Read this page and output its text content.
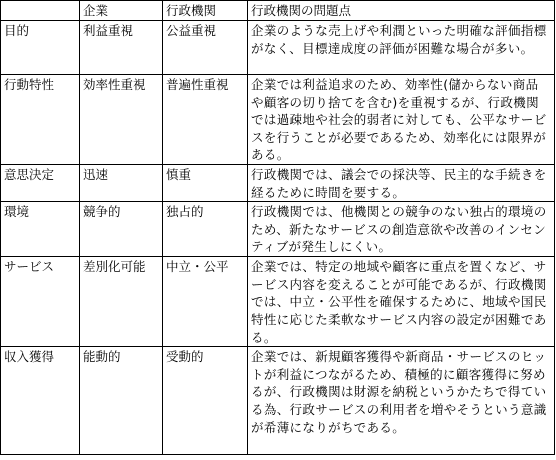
	企業	行政機関	行政機関の問題点
目的	利益重視	公益重視	企業のような売上げや利潤といった明確な評価指標がなく、目標達成度の評価が困難な場合が多い。
行動特性	効率性重視	普遍性重視	企業では利益追求のため、効率性(儲からない商品や顧客の切り捨てを含む)を重視するが、行政機関では過疎地や社会的弱者に対しても、公平なサービスを行うことが必要であるため、効率化には限界がある。
意思決定	迅速	慎重	行政機関では、議会での採決等、民主的な手続きを経るために時間を要する。
環境	競争的	独占的	行政機関では、他機関との競争のない独占的環境のため、新たなサービスの創造意欲や改善のインセンティブが発生しにくい。
サービス	差別化可能	中立・公平	企業では、特定の地域や顧客に重点を置くなど、サービス内容を変えることが可能であるが、行政機関では、中立・公平性を確保するために、地域や国民特性に応じた柔軟なサービス内容の設定が困難である。
収入獲得	能動的	受動的	企業では、新規顧客獲得や新商品・サービスのヒットが利益につながるため、積極的に顧客獲得に努めるが、行政機関は財源を納税というかたちで得ている為、行政サービスの利用者を増やそうという意識が希薄になりがちである。
